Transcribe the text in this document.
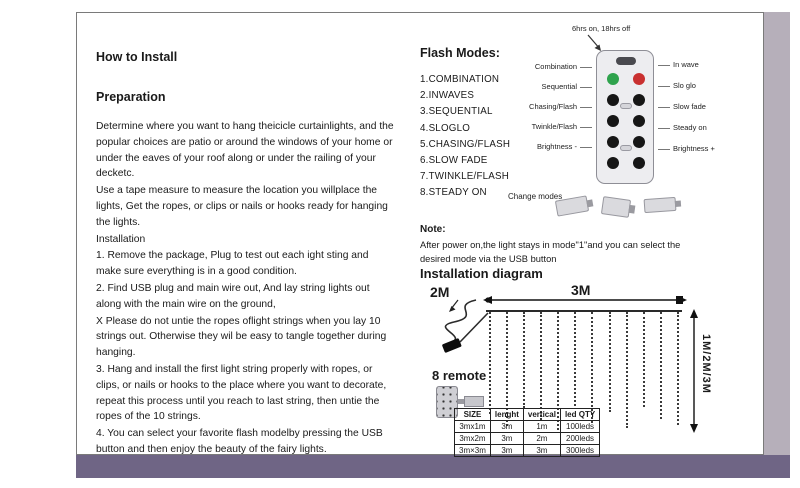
How to Install
Preparation

Determine where you want to hang theicicle curtainlights, and the popular choices are patio or around the windows of your home or under the eaves of your roof along or under the railing of your decketc.

Use a tape measure to measure the location you willplace the lights, Get the ropes, or clips or nails or hooks ready for hanging the lights.

Installation

1. Remove the package, Plug to test out each ight sting and make sure everything is in a good condition.

2. Find USB plug and main wire out, And lay string lights out along with the main wire on the ground,

X Please do not untie the ropes oflight strings when you lay 10 strings out. Otherwise they wil be easy to tangle together during hanging.

3. Hang and install the first light string properly with ropes, or clips, or nails or hooks to the place where you want to decorate, repeat this process until you reach to last string, then untie the ropes of the 10 strings.

4. You can select your favorite flash modelby pressing the USB button and then enjoy the beauty of the fairy lights.

Flash Modes:
1.COMBINATION
2.INWAVES
3.SEQUENTIAL
4.SLOGLO
5.CHASING/FLASH
6.SLOW FADE
7.TWINKLE/FLASH
8.STEADY ON
6hrs on, 18hrs off
Combination
Sequential
Chasing/Flash
Twinkle/Flash
Brightness -
In wave
Slo glo
Slow fade
Steady on
Brightness +
Change modes

Note:

After power on,the light stays in mode"1"and you can select the

desired mode via the USB button

Installation diagram
2M	3M
1M/2M/3M
8 remote
SIZE	lenght	vertical	led QTY
3mx1m	3m	1m	100leds
3mx2m	3m	2m	200leds
3m×3m	3m	3m	300leds
